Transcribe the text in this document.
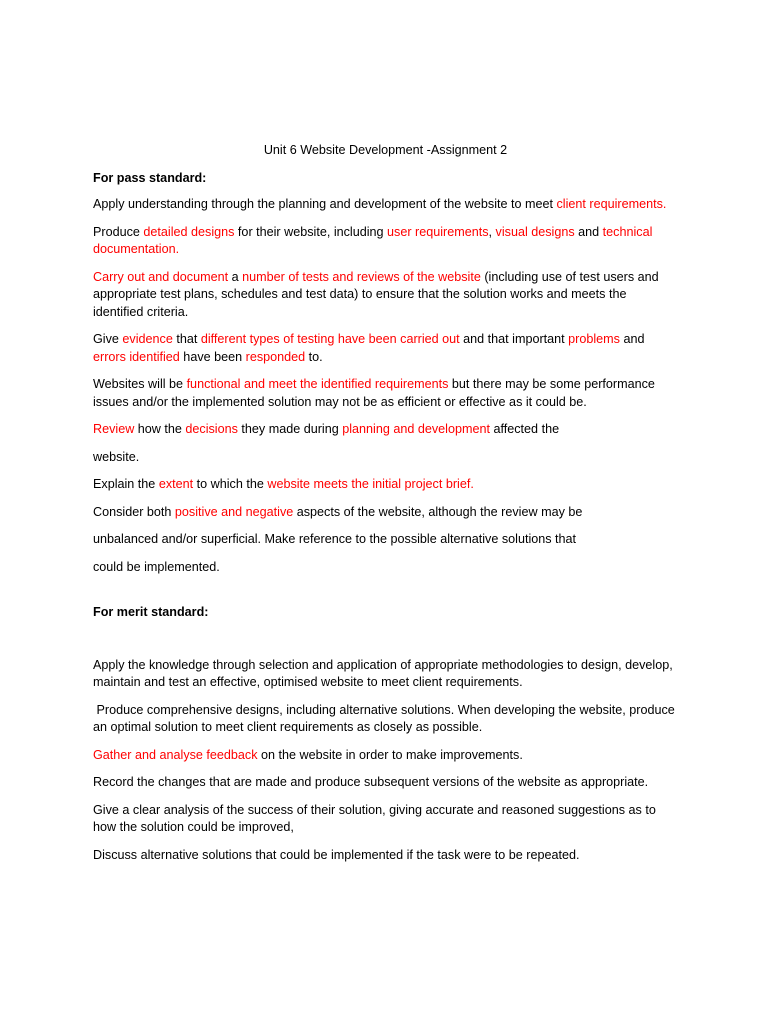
Unit 6 Website Development -Assignment 2
For pass standard:

Apply understanding through the planning and development of the website to meet client requirements.

Produce detailed designs for their website, including user requirements, visual designs and technical documentation.

Carry out and document a number of tests and reviews of the website (including use of test users and appropriate test plans, schedules and test data) to ensure that the solution works and meets the identified criteria.

Give evidence that different types of testing have been carried out and that important problems and errors identified have been responded to.

Websites will be functional and meet the identified requirements but there may be some performance issues and/or the implemented solution may not be as efficient or effective as it could be.

Review how the decisions they made during planning and development affected the

website.

Explain the extent to which the website meets the initial project brief.

Consider both positive and negative aspects of the website, although the review may be

unbalanced and/or superficial. Make reference to the possible alternative solutions that

could be implemented.

For merit standard:

Apply the knowledge through selection and application of appropriate methodologies to design, develop, maintain and test an effective, optimised website to meet client requirements.

Produce comprehensive designs, including alternative solutions. When developing the website, produce an optimal solution to meet client requirements as closely as possible.

Gather and analyse feedback on the website in order to make improvements.

Record the changes that are made and produce subsequent versions of the website as appropriate.

Give a clear analysis of the success of their solution, giving accurate and reasoned suggestions as to how the solution could be improved,

Discuss alternative solutions that could be implemented if the task were to be repeated.
